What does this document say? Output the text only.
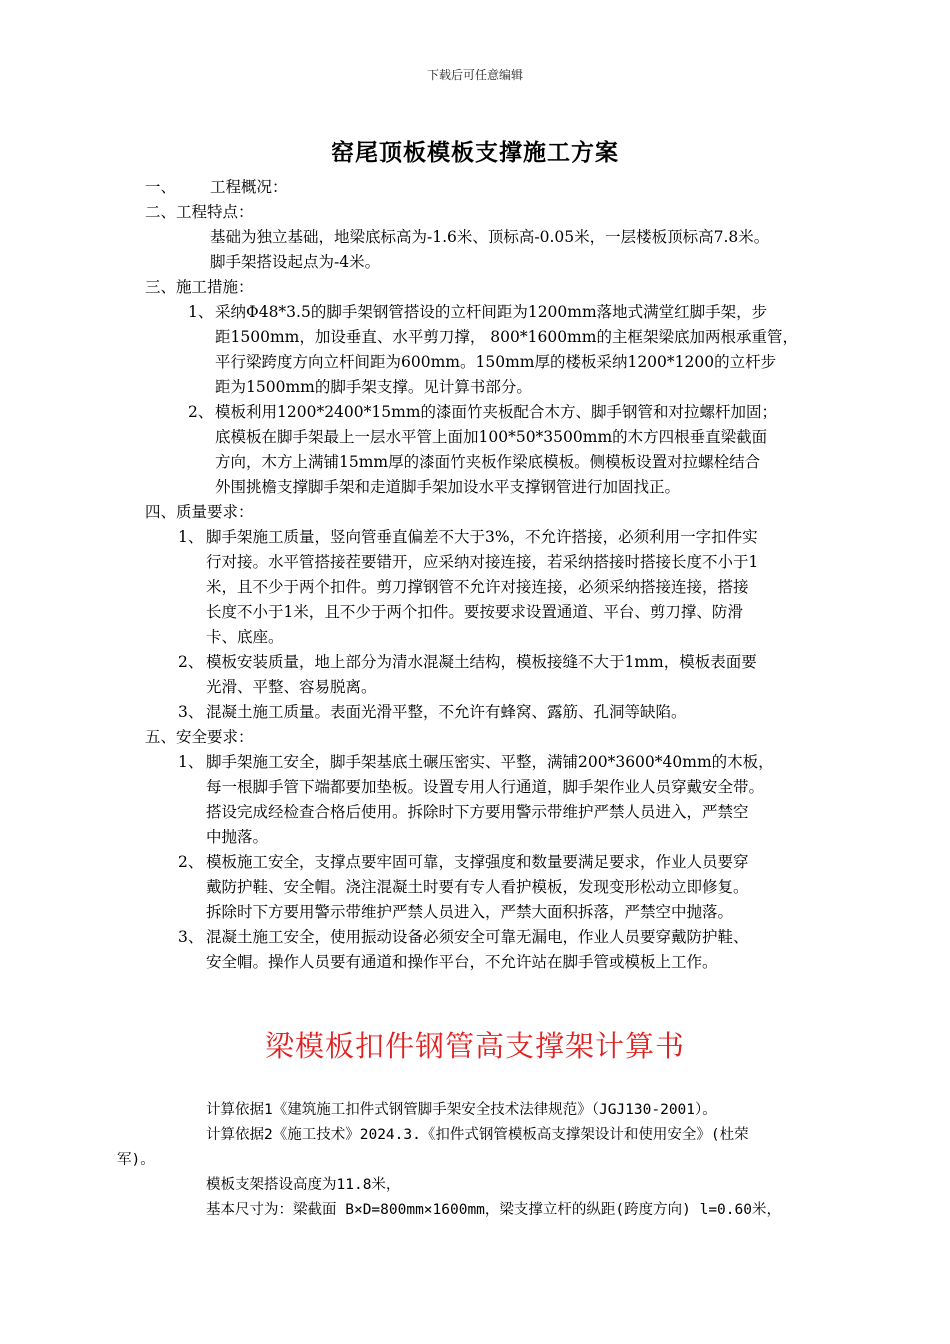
下载后可任意编辑
窑尾顶板模板支撑施工方案
一、 工程概况：
二、工程特点：
基础为独立基础，地梁底标高为-1.6米、顶标高-0.05米，一层楼板顶标高7.8米。
脚手架搭设起点为-4米。
三、施工措施：
1、 采纳Φ48*3.5的脚手架钢管搭设的立杆间距为1200mm落地式满堂红脚手架，步
距1500mm，加设垂直、水平剪刀撑， 800*1600mm的主框架梁底加两根承重管，
平行梁跨度方向立杆间距为600mm。150mm厚的楼板采纳1200*1200的立杆步
距为1500mm的脚手架支撑。见计算书部分。
2、 模板利用1200*2400*15mm的漆面竹夹板配合木方、脚手钢管和对拉螺杆加固；
底模板在脚手架最上一层水平管上面加100*50*3500mm的木方四根垂直梁截面
方向，木方上满铺15mm厚的漆面竹夹板作梁底模板。侧模板设置对拉螺栓结合
外围挑檐支撑脚手架和走道脚手架加设水平支撑钢管进行加固找正。
四、质量要求：
1、 脚手架施工质量，竖向管垂直偏差不大于3%，不允许搭接，必须利用一字扣件实
行对接。水平管搭接茬要错开，应采纳对接连接，若采纳搭接时搭接长度不小于1
米，且不少于两个扣件。剪刀撑钢管不允许对接连接，必须采纳搭接连接，搭接
长度不小于1米，且不少于两个扣件。要按要求设置通道、平台、剪刀撑、防滑
卡、底座。
2、 模板安装质量，地上部分为清水混凝土结构，模板接缝不大于1mm，模板表面要
光滑、平整、容易脱离。
3、 混凝土施工质量。表面光滑平整，不允许有蜂窝、露筋、孔洞等缺陷。
五、安全要求：
1、 脚手架施工安全，脚手架基底土碾压密实、平整，满铺200*3600*40mm的木板，
每一根脚手管下端都要加垫板。设置专用人行通道，脚手架作业人员穿戴安全带。
搭设完成经检查合格后使用。拆除时下方要用警示带维护严禁人员进入，严禁空
中抛落。
2、 模板施工安全，支撑点要牢固可靠，支撑强度和数量要满足要求，作业人员要穿
戴防护鞋、安全帽。浇注混凝土时要有专人看护模板，发现变形松动立即修复。
拆除时下方要用警示带维护严禁人员进入，严禁大面积拆落，严禁空中抛落。
3、 混凝土施工安全，使用振动设备必须安全可靠无漏电，作业人员要穿戴防护鞋、
安全帽。操作人员要有通道和操作平台，不允许站在脚手管或模板上工作。
梁模板扣件钢管高支撑架计算书
计算依据1《建筑施工扣件式钢管脚手架安全技术法律规范》（JGJ130-2001）。
计算依据2《施工技术》2024.3.《扣件式钢管模板高支撑架设计和使用安全》(杜荣
军)。
模板支架搭设高度为11.8米，
基本尺寸为：梁截面 B×D=800mm×1600mm，梁支撑立杆的纵距(跨度方向) l=0.60米，
